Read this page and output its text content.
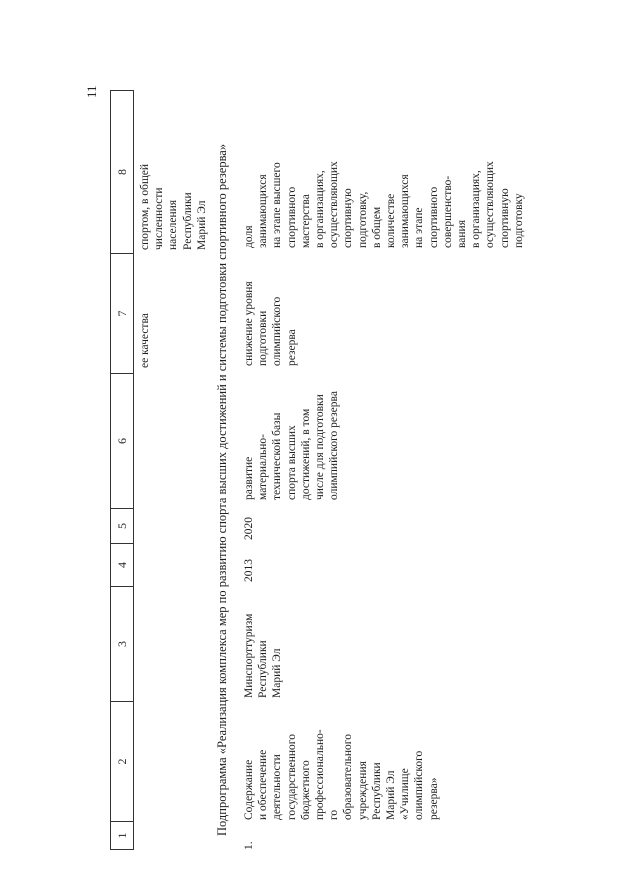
11
1
2
3
4
5
6
7
8
ее качества
спортом, в общей
численности
населения
Республики
Марий Эл Подпрограмма «Реализация комплекса мер по развитию спорта высших достижений и системы подготовки спортивного резерва»
1.
Содержание
и обеспечение
деятельности
государственного
бюджетного
профессионально-
го
образовательного
учреждения
Республики
Марий Эл
«Училище
олимпийского
резерва»
Минспорттуризм
Республики
Марий Эл
2013
2020
развитие
материально-
технической базы
спорта высших
достижений, в том
числе для подготовки
олимпийского резерва
снижение уровня
подготовки
олимпийского
резерва
доля
занимающихся
на этапе высшего
спортивного
мастерства
в организациях,
осуществляющих
спортивную
подготовку,
в общем
количестве
занимающихся
на этапе
спортивного
совершенство-
вания
в организациях,
осуществляющих
спортивную
подготовку
